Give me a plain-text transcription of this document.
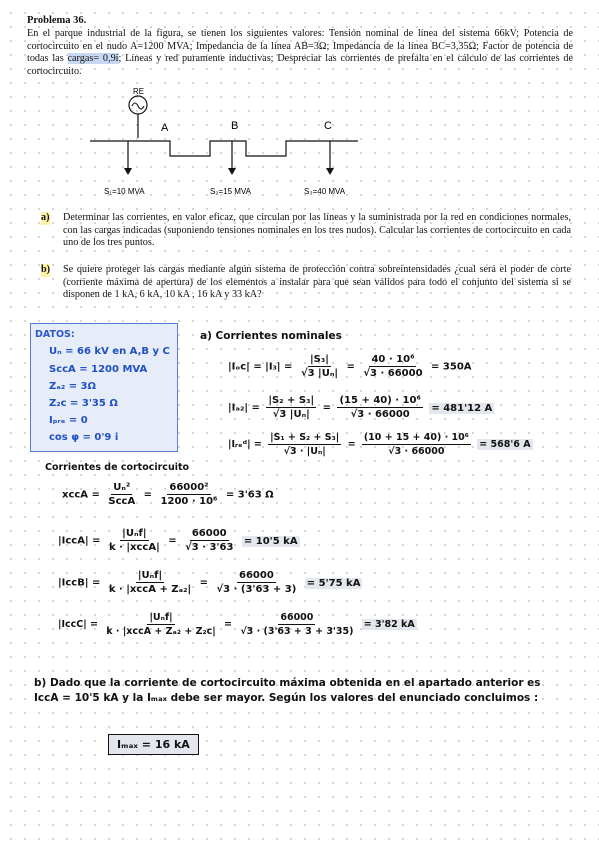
Problema 36.
En el parque industrial de la figura, se tienen los siguientes valores: Tensión nominal de línea del sistema 66kV; Potencia de cortocircuito en el nudo A=1200 MVA; Impedancia de la línea AB=3Ω; Impedancia de la línea BC=3,35Ω; Factor de potencia de todas las cargas= 0,9i; Líneas y red puramente inductivas; Despreciar las corrientes de prefalta en el cálculo de las corrientes de cortocircuito.
RE
A	B	C
S₁=10 MVA	S₂=15 MVA	S₃=40 MVA
a) Determinar las corrientes, en valor eficaz, que circulan por las líneas y la suministrada por la red en condiciones normales, con las cargas indicadas (suponiendo tensiones nominales en los tres nudos). Calcular las corrientes de cortocircuito en cada uno de los tres puntos.
b) Se quiere proteger las cargas mediante algún sistema de protección contra sobreintensidades ¿cual será el poder de corte (corriente máxima de apertura) de los elementos a instalar para que sean válidos para todo el conjunto del sistema si se disponen de 1 kA, 6 kA, 10 kA , 16 kA y 33 kA?
DATOS:
Uₙ = 66 kV en A,B y C
SᴄᴄA = 1200 MVA
Zₐ₂ = 3Ω
Z₂ᴄ = 3'35 Ω
Iₚᵣₑ = 0
cos φ = 0'9 i
a) Corrientes nominales
|Iₒᴄ| = $|I_3| = \frac{\text{|S₃|}}{\text{√3 |Uₙ|}} = \frac{\text{40 · 10⁶}}{√3 \cdot 66000} = 350A$
$|I_{a2}| = \frac{\text{|S₂ + S₃|}}{\text{√3 |Uₙ|}} = \frac{\text{(15 + 40) · 10⁶}}{√3 \cdot 66000} = 481'12$ A
|Iᵣₑᵈ| = $\frac{\text{|S₁ + S₂ + S₃|}}{\text{√3 · |Uₙ|}} = \frac{\text{(10 + 15 + 40) · 10⁶}}{√3 \cdot 66000} = 568'6$ A
Corrientes de cortocircuito
xᴄᴄA = $\frac{\text{Uₙ²}}{\text{SᴄᴄA}} = \frac{\text{66000²}}{\text{1200 · 10⁶}} = 3'63$ Ω
|IᴄᴄA| = $\frac{\text{|Uₙf|}}{\text{k · |xᴄᴄA|}} = \frac{66000}{√3 \cdot 3'63} = 10'5$ kA
|IᴄᴄB| = $\frac{\text{|Uₙf|}}{\text{k · |xᴄᴄA + Zₐ₂|}} = \frac{66000}{√3 \cdot (3'63 + 3)} = 5'75$ kA
|IᴄᴄC| = $\frac{\text{|Uₙf|}}{\text{k · |xᴄᴄA + Zₐ₂ + Z₂ᴄ|}} = \frac{66000}{√3 \cdot (3'63 + 3 + 3'35)} = 3'82$ kA
b) Dado que la corriente de cortocircuito máxima obtenida en el apartado anterior es IᴄᴄA = 10'5 kA y la Iₘₐₓ debe ser mayor. Según los valores del enunciado concluimos :
Iₘₐₓ = 16 kA
